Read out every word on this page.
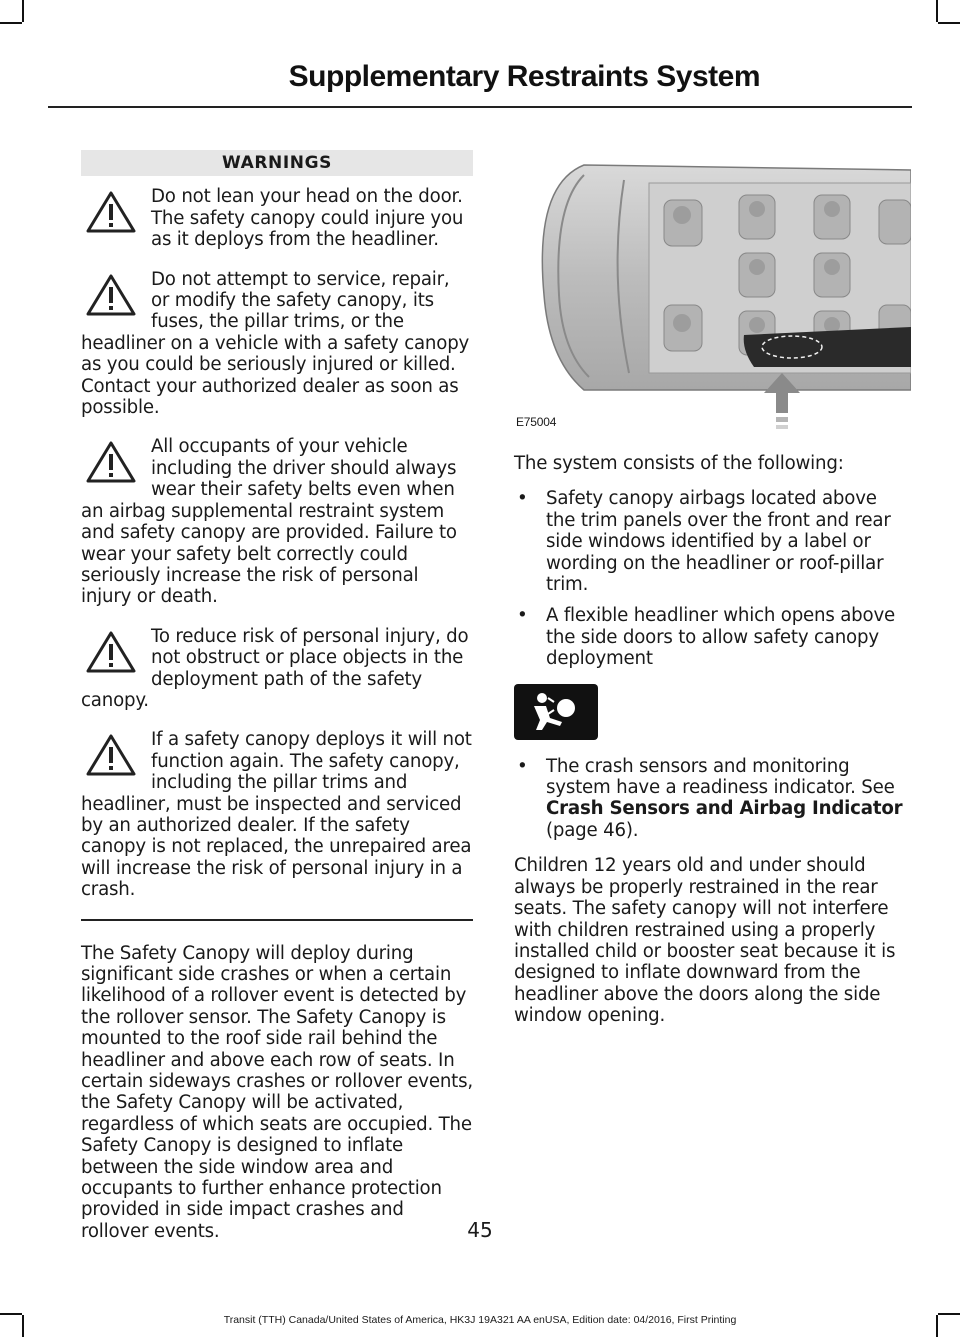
Supplementary Restraints System
WARNINGS
Do not lean your head on the door. The safety canopy could injure you as it deploys from the headliner.
Do not attempt to service, repair, or modify the safety canopy, its fuses, the pillar trims, or the headliner on a vehicle with a safety canopy as you could be seriously injured or killed. Contact your authorized dealer as soon as possible.
All occupants of your vehicle including the driver should always wear their safety belts even when an airbag supplemental restraint system and safety canopy are provided. Failure to wear your safety belt correctly could seriously increase the risk of personal injury or death.
To reduce risk of personal injury, do not obstruct or place objects in the deployment path of the safety canopy.
If a safety canopy deploys it will not function again. The safety canopy, including the pillar trims and headliner, must be inspected and serviced by an authorized dealer. If the safety canopy is not replaced, the unrepaired area will increase the risk of personal injury in a crash.

The Safety Canopy will deploy during significant side crashes or when a certain likelihood of a rollover event is detected by the rollover sensor. The Safety Canopy is mounted to the roof side rail behind the headliner and above each row of seats. In certain sideways crashes or rollover events, the Safety Canopy will be activated, regardless of which seats are occupied. The Safety Canopy is designed to inflate between the side window area and occupants to further enhance protection provided in side impact crashes and rollover events.

E75004

The system consists of the following:

• Safety canopy airbags located above the trim panels over the front and rear side windows identified by a label or wording on the headliner or roof-pillar trim.
• A flexible headliner which opens above the side doors to allow safety canopy deployment
• The crash sensors and monitoring system have a readiness indicator. See Crash Sensors and Airbag Indicator (page 46).

Children 12 years old and under should always be properly restrained in the rear seats. The safety canopy will not interfere with children restrained using a properly installed child or booster seat because it is designed to inflate downward from the headliner above the doors along the side window opening.

45
Transit (TTH) Canada/United States of America, HK3J 19A321 AA enUSA, Edition date: 04/2016, First Printing
